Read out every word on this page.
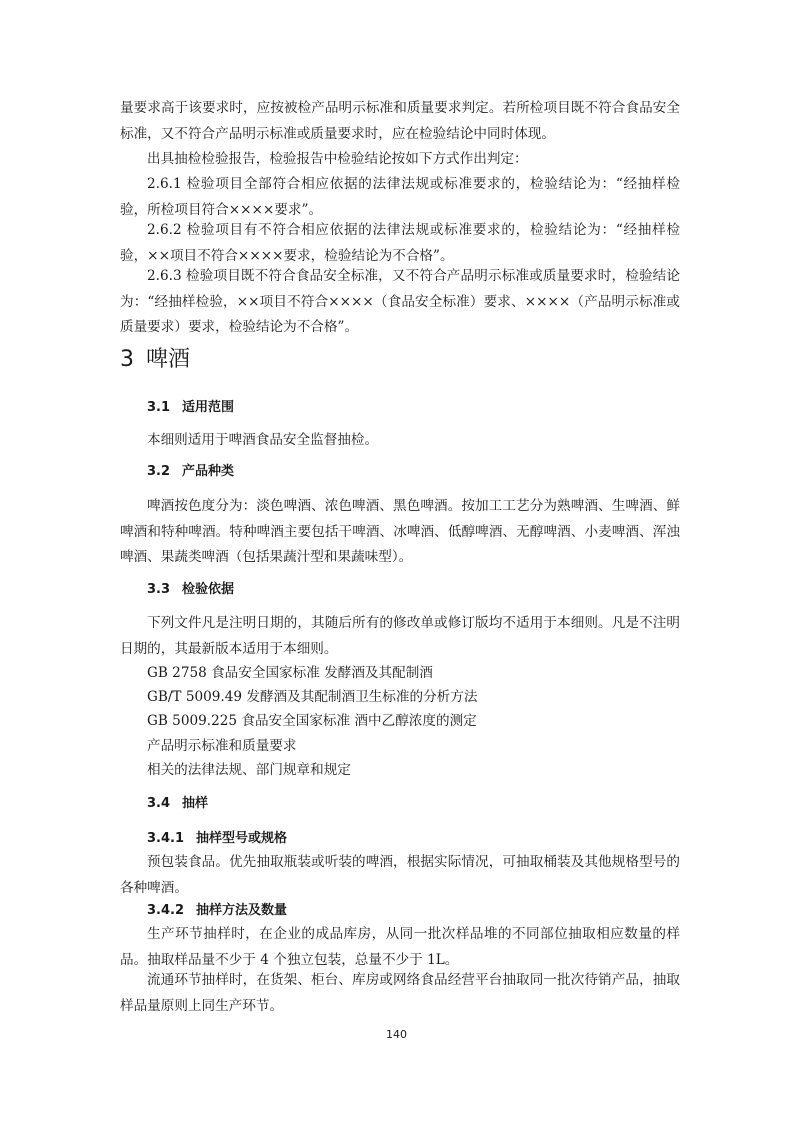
量要求高于该要求时，应按被检产品明示标准和质量要求判定。若所检项目既不符合食品安全标准，又不符合产品明示标准或质量要求时，应在检验结论中同时体现。
出具抽检检验报告，检验报告中检验结论按如下方式作出判定：
2.6.1 检验项目全部符合相应依据的法律法规或标准要求的，检验结论为：“经抽样检验，所检项目符合××××要求”。
2.6.2 检验项目有不符合相应依据的法律法规或标准要求的，检验结论为：“经抽样检验，××项目不符合××××要求，检验结论为不合格”。
2.6.3 检验项目既不符合食品安全标准，又不符合产品明示标准或质量要求时，检验结论为：“经抽样检验，××项目不符合××××（食品安全标准）要求、××××（产品明示标准或质量要求）要求，检验结论为不合格”。
3 啤酒
3.1 适用范围
本细则适用于啤酒食品安全监督抽检。
3.2 产品种类
啤酒按色度分为：淡色啤酒、浓色啤酒、黑色啤酒。按加工工艺分为熟啤酒、生啤酒、鲜啤酒和特种啤酒。特种啤酒主要包括干啤酒、冰啤酒、低醇啤酒、无醇啤酒、小麦啤酒、浑浊啤酒、果蔬类啤酒（包括果蔬汁型和果蔬味型）。
3.3 检验依据
下列文件凡是注明日期的，其随后所有的修改单或修订版均不适用于本细则。凡是不注明日期的，其最新版本适用于本细则。
GB 2758 食品安全国家标准 发酵酒及其配制酒
GB/T 5009.49 发酵酒及其配制酒卫生标准的分析方法
GB 5009.225 食品安全国家标准 酒中乙醇浓度的测定
产品明示标准和质量要求
相关的法律法规、部门规章和规定
3.4 抽样
3.4.1 抽样型号或规格
预包装食品。优先抽取瓶装或听装的啤酒，根据实际情况，可抽取桶装及其他规格型号的各种啤酒。
3.4.2 抽样方法及数量
生产环节抽样时，在企业的成品库房，从同一批次样品堆的不同部位抽取相应数量的样品。抽取样品量不少于 4 个独立包装，总量不少于 1L。
流通环节抽样时，在货架、柜台、库房或网络食品经营平台抽取同一批次待销产品，抽取样品量原则上同生产环节。
140
